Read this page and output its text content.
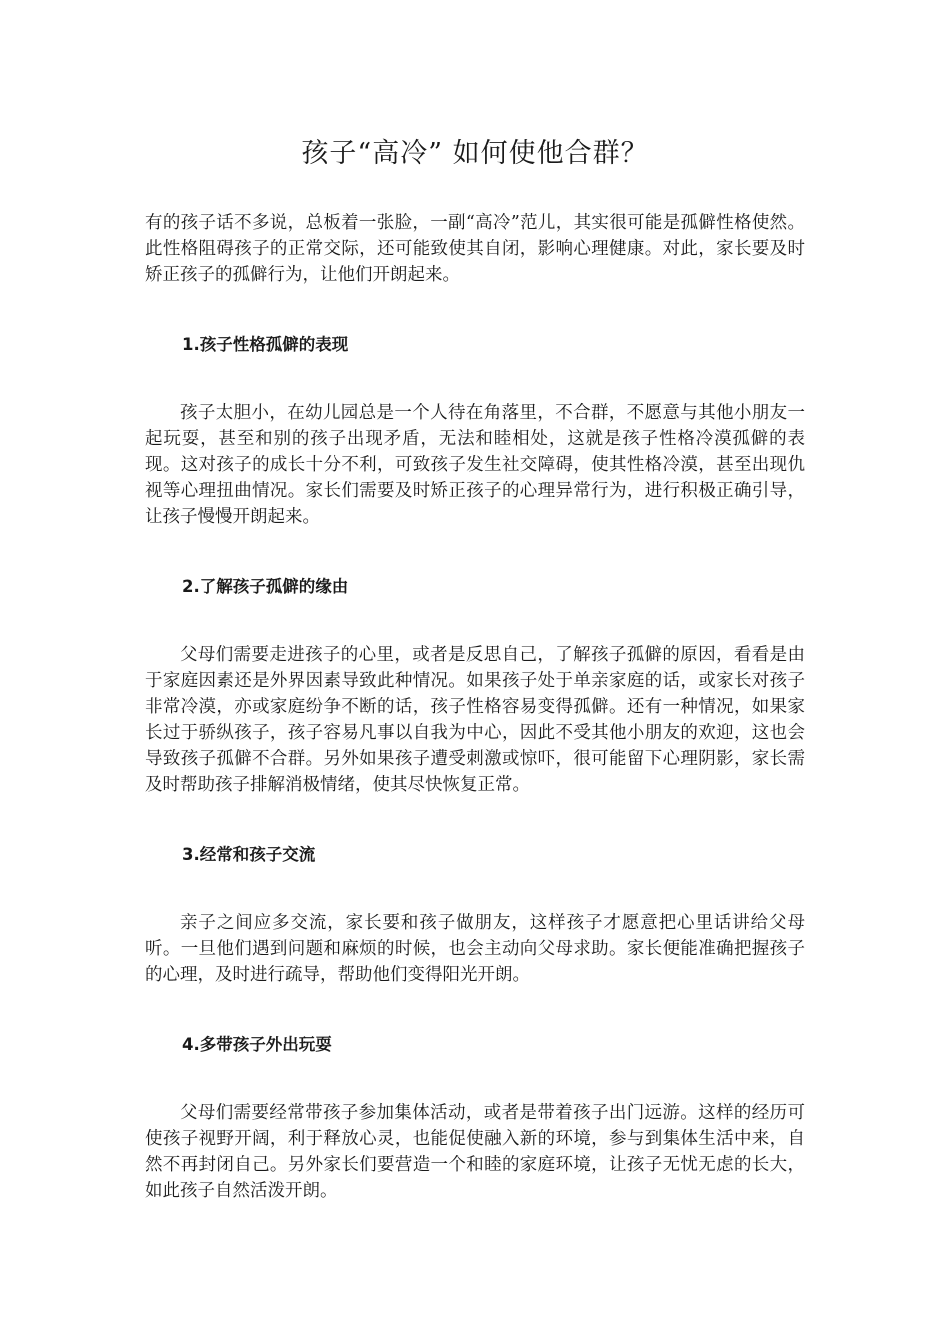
孩子“高冷” 如何使他合群？

有的孩子话不多说，总板着一张脸，一副“高冷”范儿，其实很可能是孤僻性格使然。此性格阻碍孩子的正常交际，还可能致使其自闭，影响心理健康。对此，家长要及时矫正孩子的孤僻行为，让他们开朗起来。

1.孩子性格孤僻的表现

孩子太胆小，在幼儿园总是一个人待在角落里，不合群，不愿意与其他小朋友一起玩耍，甚至和别的孩子出现矛盾，无法和睦相处，这就是孩子性格冷漠孤僻的表现。这对孩子的成长十分不利，可致孩子发生社交障碍，使其性格冷漠，甚至出现仇视等心理扭曲情况。家长们需要及时矫正孩子的心理异常行为，进行积极正确引导，让孩子慢慢开朗起来。

2.了解孩子孤僻的缘由

父母们需要走进孩子的心里，或者是反思自己，了解孩子孤僻的原因，看看是由于家庭因素还是外界因素导致此种情况。如果孩子处于单亲家庭的话，或家长对孩子非常冷漠，亦或家庭纷争不断的话，孩子性格容易变得孤僻。还有一种情况，如果家长过于骄纵孩子，孩子容易凡事以自我为中心，因此不受其他小朋友的欢迎，这也会导致孩子孤僻不合群。另外如果孩子遭受刺激或惊吓，很可能留下心理阴影，家长需及时帮助孩子排解消极情绪，使其尽快恢复正常。

3.经常和孩子交流

亲子之间应多交流，家长要和孩子做朋友，这样孩子才愿意把心里话讲给父母听。一旦他们遇到问题和麻烦的时候，也会主动向父母求助。家长便能准确把握孩子的心理，及时进行疏导，帮助他们变得阳光开朗。

4.多带孩子外出玩耍

父母们需要经常带孩子参加集体活动，或者是带着孩子出门远游。这样的经历可使孩子视野开阔，利于释放心灵，也能促使融入新的环境，参与到集体生活中来，自然不再封闭自己。另外家长们要营造一个和睦的家庭环境，让孩子无忧无虑的长大，如此孩子自然活泼开朗。
